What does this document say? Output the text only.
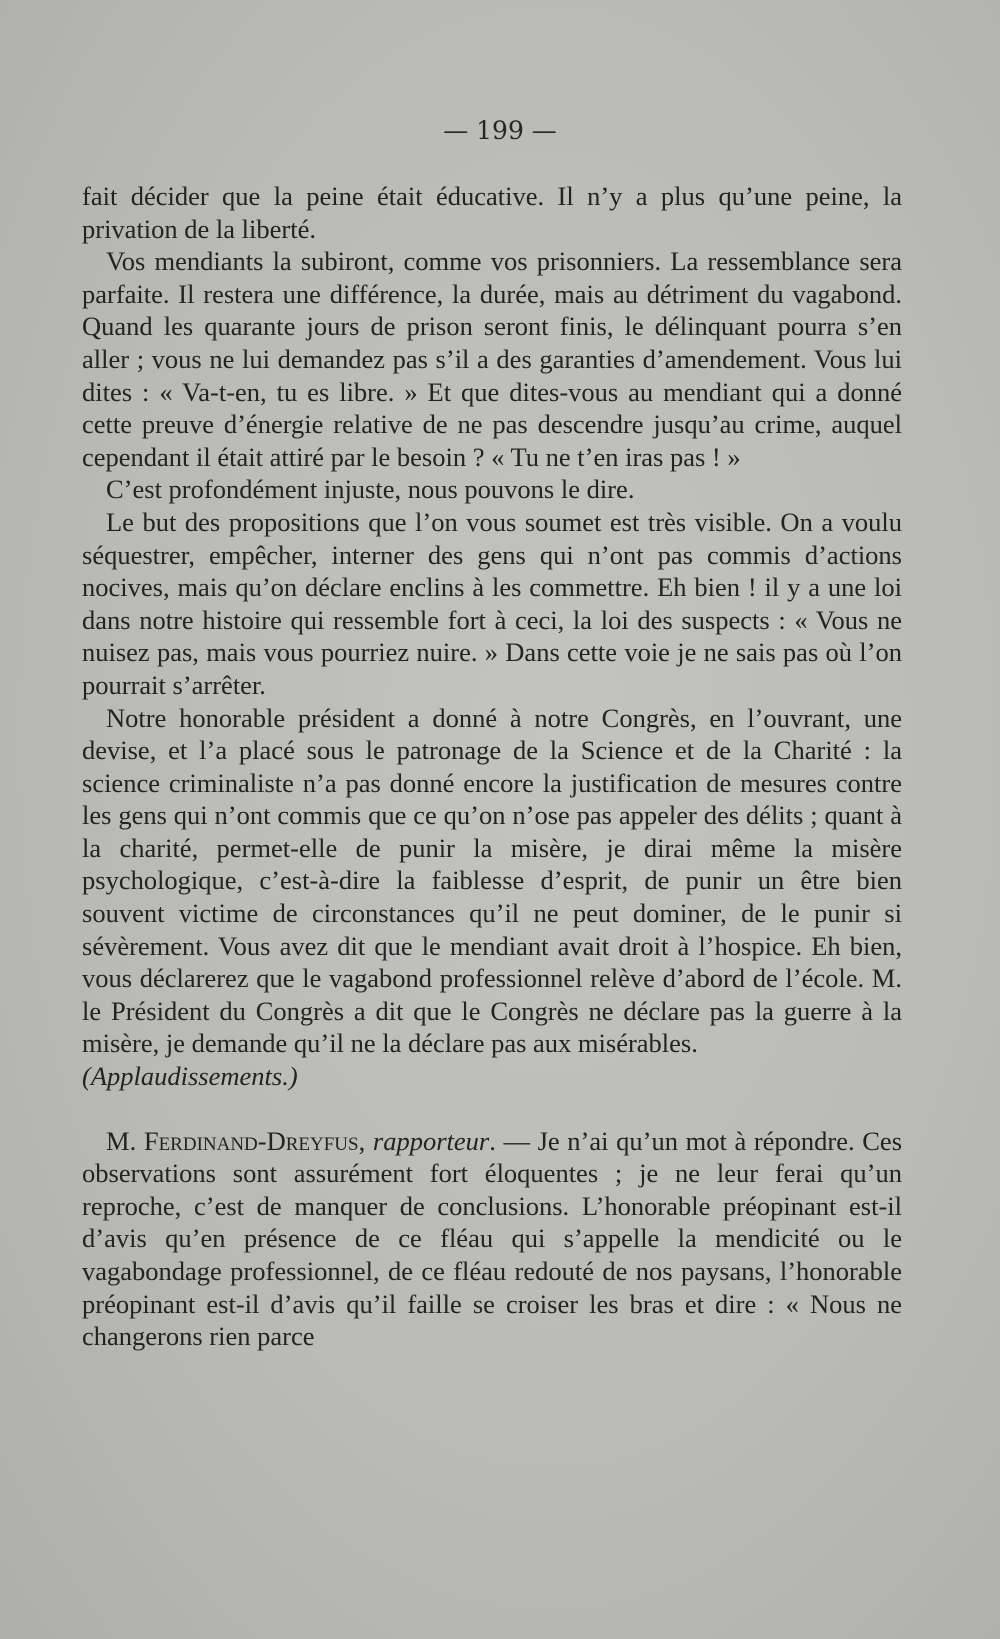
— 199 —

fait décider que la peine était éducative. Il n’y a plus qu’une peine, la privation de la liberté.

Vos mendiants la subiront, comme vos prisonniers. La ressemblance sera parfaite. Il restera une différence, la durée, mais au détriment du vagabond. Quand les quarante jours de prison seront finis, le délinquant pourra s’en aller ; vous ne lui demandez pas s’il a des garanties d’amendement. Vous lui dites : « Va-t-en, tu es libre. » Et que dites-vous au mendiant qui a donné cette preuve d’énergie relative de ne pas descendre jusqu’au crime, auquel cependant il était attiré par le besoin ? « Tu ne t’en iras pas ! »

C’est profondément injuste, nous pouvons le dire.

Le but des propositions que l’on vous soumet est très visible. On a voulu séquestrer, empêcher, interner des gens qui n’ont pas commis d’actions nocives, mais qu’on déclare enclins à les commettre. Eh bien ! il y a une loi dans notre histoire qui ressemble fort à ceci, la loi des suspects : « Vous ne nuisez pas, mais vous pourriez nuire. » Dans cette voie je ne sais pas où l’on pourrait s’arrêter.

Notre honorable président a donné à notre Congrès, en l’ouvrant, une devise, et l’a placé sous le patronage de la Science et de la Charité : la science criminaliste n’a pas donné encore la justification de mesures contre les gens qui n’ont commis que ce qu’on n’ose pas appeler des délits ; quant à la charité, permet-elle de punir la misère, je dirai même la misère psychologique, c’est-à-dire la faiblesse d’esprit, de punir un être bien souvent victime de circonstances qu’il ne peut dominer, de le punir si sévèrement. Vous avez dit que le mendiant avait droit à l’hospice. Eh bien, vous déclarerez que le vagabond professionnel relève d’abord de l’école. M. le Président du Congrès a dit que le Congrès ne déclare pas la guerre à la misère, je demande qu’il ne la déclare pas aux misérables.

(Applaudissements.)

M. Ferdinand-Dreyfus, rapporteur. — Je n’ai qu’un mot à répondre. Ces observations sont assurément fort éloquentes ; je ne leur ferai qu’un reproche, c’est de manquer de conclusions. L’honorable préopinant est-il d’avis qu’en présence de ce fléau qui s’appelle la mendicité ou le vagabondage professionnel, de ce fléau redouté de nos paysans, l’honorable préopinant est-il d’avis qu’il faille se croiser les bras et dire : « Nous ne changerons rien parce
